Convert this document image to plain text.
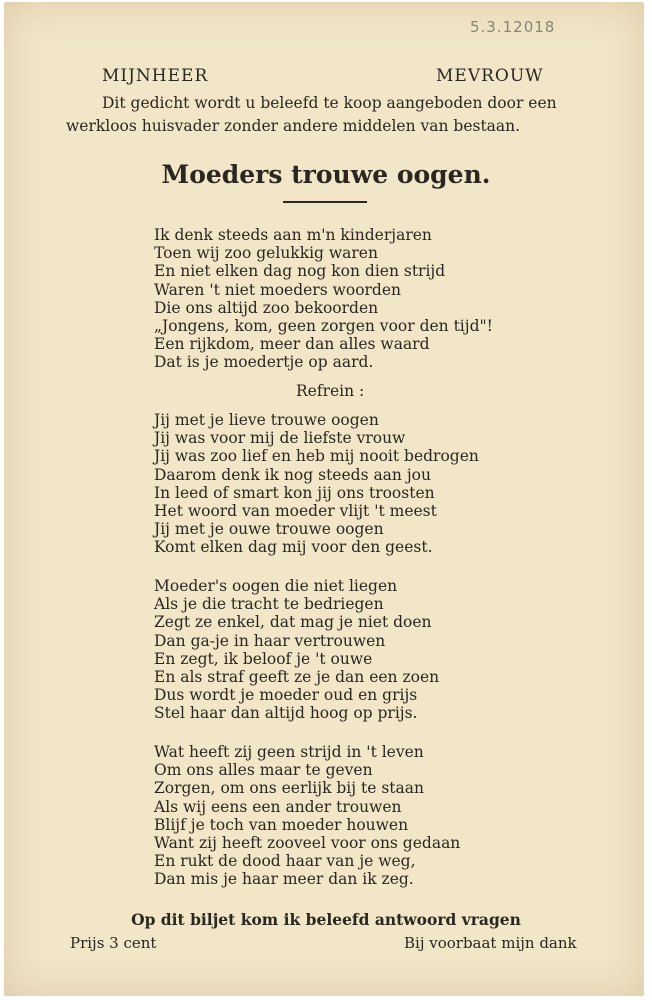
5.3.12018
MIJNHEER	MEVROUW

Dit gedicht wordt u beleefd te koop aangeboden door een

werkloos huisvader zonder andere middelen van bestaan.

Moeders trouwe oogen.
Ik denk steeds aan m'n kinderjaren
Toen wij zoo gelukkig waren
En niet elken dag nog kon dien strijd
Waren 't niet moeders woorden
Die ons altijd zoo bekoorden
„Jongens, kom, geen zorgen voor den tijd"!
Een rijkdom, meer dan alles waard
Dat is je moedertje op aard.
Refrein :
Jij met je lieve trouwe oogen
Jij was voor mij de liefste vrouw
Jij was zoo lief en heb mij nooit bedrogen
Daarom denk ik nog steeds aan jou
In leed of smart kon jij ons troosten
Het woord van moeder vlijt 't meest
Jij met je ouwe trouwe oogen
Komt elken dag mij voor den geest.
Moeder's oogen die niet liegen
Als je die tracht te bedriegen
Zegt ze enkel, dat mag je niet doen
Dan ga-je in haar vertrouwen
En zegt, ik beloof je 't ouwe
En als straf geeft ze je dan een zoen
Dus wordt je moeder oud en grijs
Stel haar dan altijd hoog op prijs.
Wat heeft zij geen strijd in 't leven
Om ons alles maar te geven
Zorgen, om ons eerlijk bij te staan
Als wij eens een ander trouwen
Blijf je toch van moeder houwen
Want zij heeft zooveel voor ons gedaan
En rukt de dood haar van je weg,
Dan mis je haar meer dan ik zeg.
Op dit biljet kom ik beleefd antwoord vragen
Prijs 3 cent	Bij voorbaat mijn dank
